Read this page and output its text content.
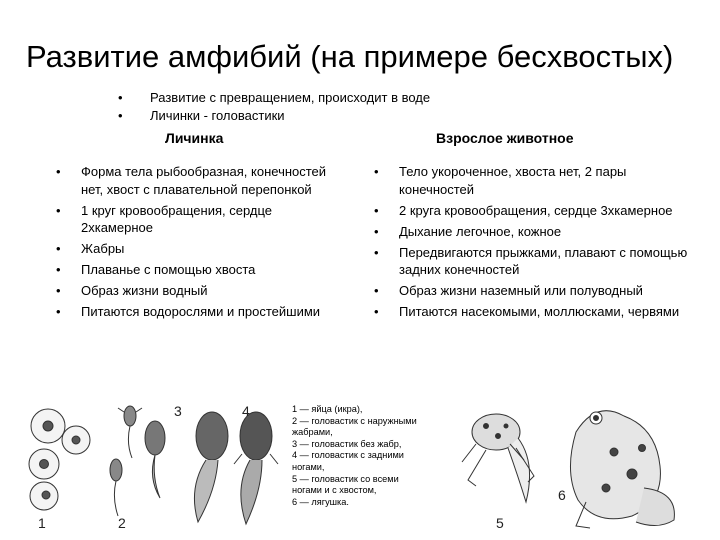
Развитие амфибий (на примере бесхвостых)
• Развитие с превращением, происходит в воде
• Личинки - головастики
Личинка	Взрослое животное
• Форма тела рыбообразная, конечностей нет, хвост с плавательной перепонкой
• 1 круг кровообращения, сердце 2хкамерное
• Жабры
• Плаванье с помощью хвоста
• Образ жизни водный
• Питаются водорослями и простейшими
• Тело укороченное, хвоста нет, 2 пары конечностей
• 2 круга кровообращения, сердце 3хкамерное
• Дыхание легочное, кожное
• Передвигаются прыжками, плавают с помощью задних конечностей
• Образ жизни наземный или полуводный
• Питаются насекомыми, моллюсками, червями
1	2
3	4	1 — яйца (икра),
2 — головастик с наружными жабрами,
3 — головастик без жабр,
4 — головастик с задними ногами,
5 — головастик со всеми ногами и с хвостом,
6 — лягушка.
5
6
